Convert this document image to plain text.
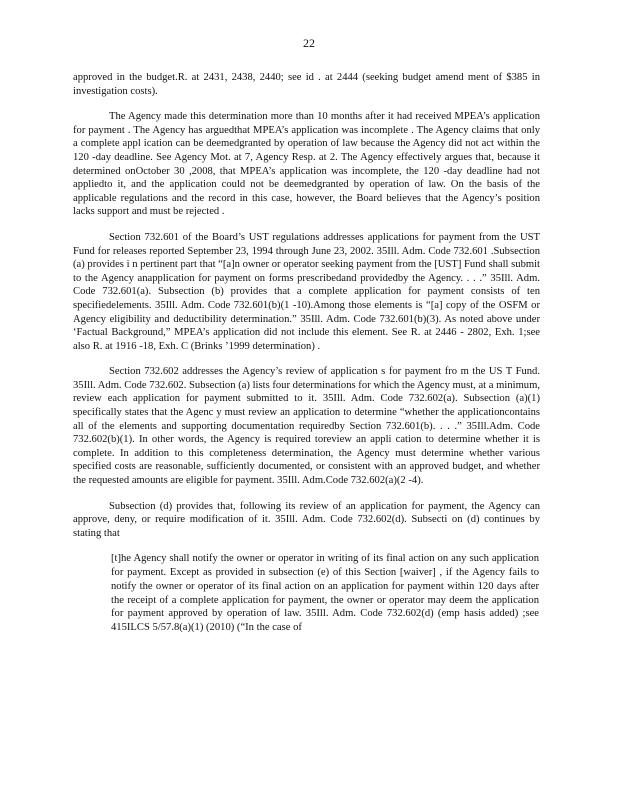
22

approved in the budget.R. at 2431, 2438, 2440; see id . at 2444 (seeking budget amend ment of $385 in investigation costs).

The Agency made this determination more than 10 months after it had received MPEA’s application for payment . The Agency has arguedthat MPEA’s application was incomplete . The Agency claims that only a complete appl ication can be deemedgranted by operation of law because the Agency did not act within the 120 -day deadline. See Agency Mot. at 7, Agency Resp. at 2. The Agency effectively argues that, because it determined onOctober 30 ,2008, that MPEA’s application was incomplete, the 120 -day deadline had not appliedto it, and the application could not be deemedgranted by operation of law. On the basis of the applicable regulations and the record in this case, however, the Board believes that the Agency’s position lacks support and must be rejected .

Section 732.601 of the Board’s UST regulations addresses applications for payment from the UST Fund for releases reported September 23, 1994 through June 23, 2002. 35Ill. Adm. Code 732.601 .Subsection (a) provides i n pertinent part that “[a]n owner or operator seeking payment from the [UST] Fund shall submit to the Agency anapplication for payment on forms prescribedand providedby the Agency. . . .” 35Ill. Adm. Code 732.601(a). Subsection (b) provides that a complete application for payment consists of ten specifiedelements. 35Ill. Adm. Code 732.601(b)(1 -10).Among those elements is “[a] copy of the OSFM or Agency eligibility and deductibility determination.” 35Ill. Adm. Code 732.601(b)(3). As noted above under ‘Factual Background,” MPEA’s application did not include this element. See R. at 2446 - 2802, Exh. 1;see also R. at 1916 -18, Exh. C (Brinks ’1999 determination) .

Section 732.602 addresses the Agency’s review of application s for payment fro m the US T Fund. 35Ill. Adm. Code 732.602. Subsection (a) lists four determinations for which the Agency must, at a minimum, review each application for payment submitted to it. 35Ill. Adm. Code 732.602(a). Subsection (a)(1) specifically states that the Agenc y must review an application to determine “whether the applicationcontains all of the elements and supporting documentation requiredby Section 732.601(b). . . .” 35Ill.Adm. Code 732.602(b)(1). In other words, the Agency is required toreview an appli cation to determine whether it is complete. In addition to this completeness determination, the Agency must determine whether various specified costs are reasonable, sufficiently documented, or consistent with an approved budget, and whether the requested amounts are eligible for payment. 35Ill. Adm.Code 732.602(a)(2 -4).

Subsection (d) provides that, following its review of an application for payment, the Agency can approve, deny, or require modification of it. 35Ill. Adm. Code 732.602(d). Subsecti on (d) continues by stating that

[t]he Agency shall notify the owner or operator in writing of its final action on any such application for payment. Except as provided in subsection (e) of this Section [waiver] , if the Agency fails to notify the owner or operator of its final action on an application for payment within 120 days after the receipt of a complete application for payment, the owner or operator may deem the application for payment approved by operation of law. 35Ill. Adm. Code 732.602(d) (emp hasis added) ;see 415ILCS 5/57.8(a)(1) (2010) (“In the case of
